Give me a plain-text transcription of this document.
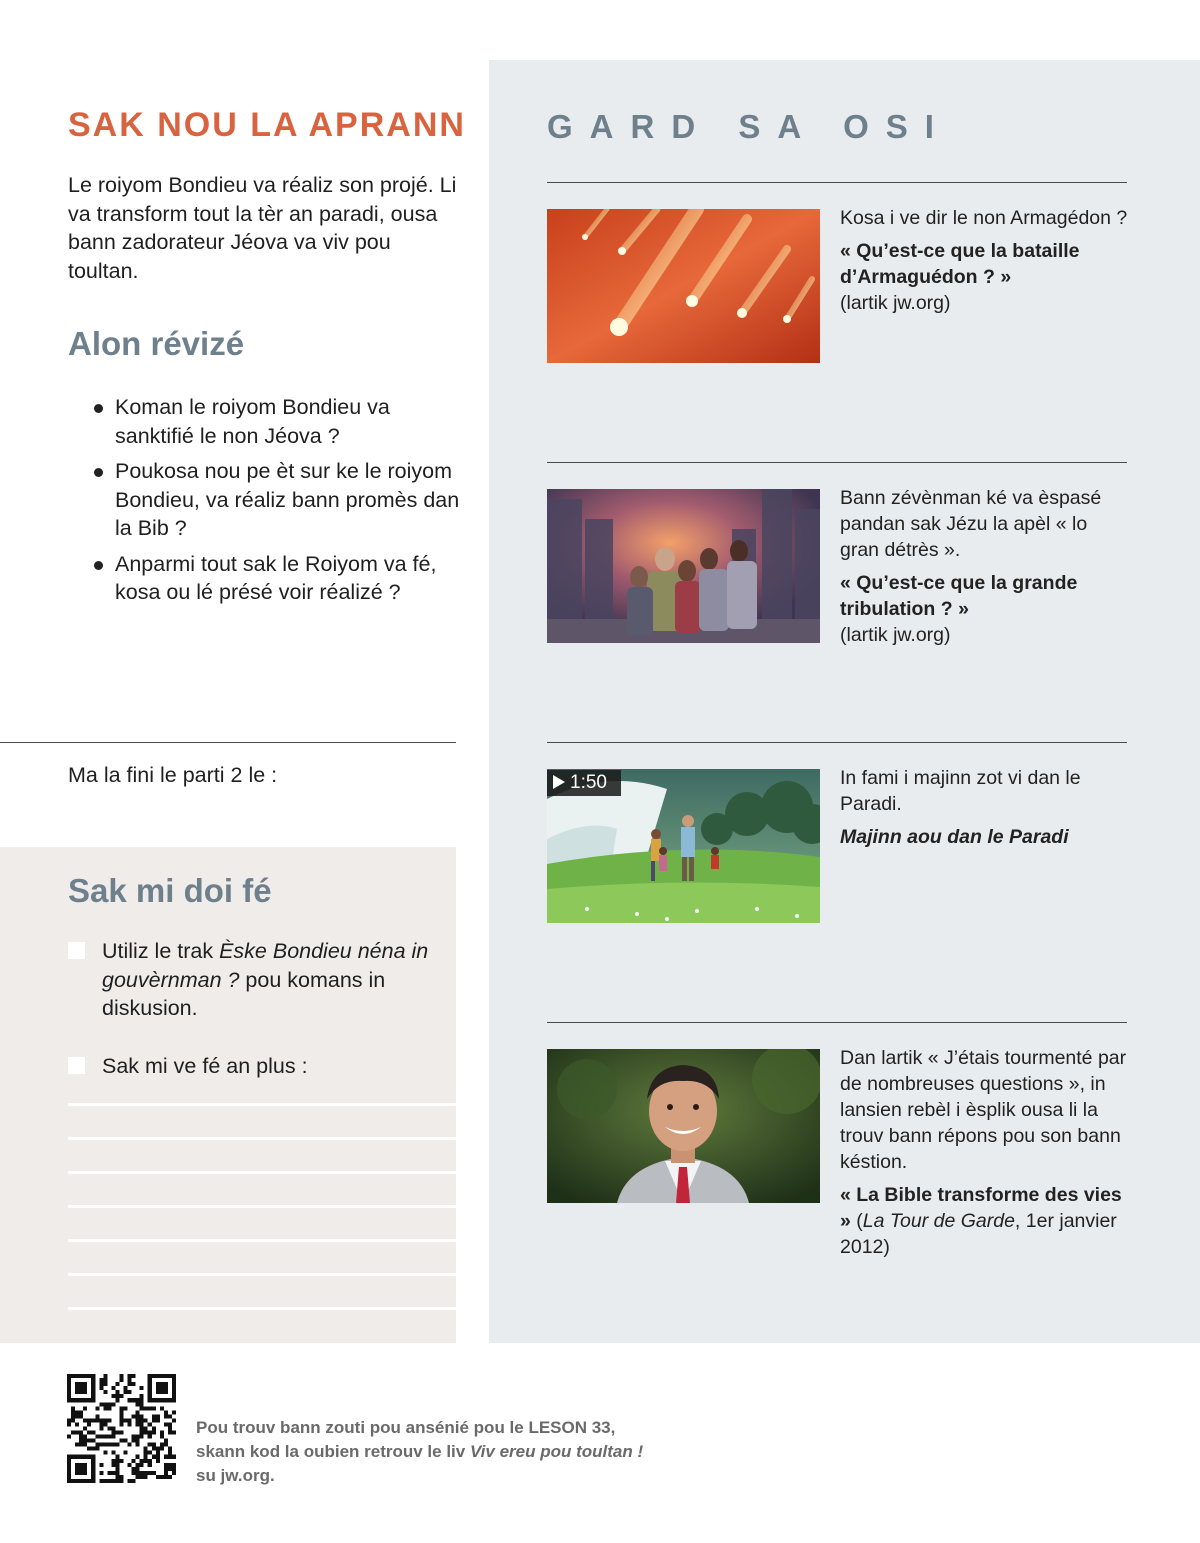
GARD SA OSI
Kosa i ve dir le non Armagédon ?
« Qu’est-ce que la bataille d’Armaguédon ? »
(lartik jw.org)
Bann zévènman ké va èspasé pandan sak Jézu la apèl « lo gran détrès ».
« Qu’est-ce que la grande tribulation ? »
(lartik jw.org)
1:50	In fami i majinn zot vi dan le Paradi.
Majinn aou dan le Paradi
Dan lartik « J’étais tourmenté par de nombreuses questions », in lansien rebèl i èsplik ousa li la trouv bann répons pou son bann késtion.
« La Bible transforme des vies » (La Tour de Garde, 1er janvier 2012)
SAK NOU LA APRANN

Le roiyom Bondieu va réaliz son projé. Li va transform tout la tèr an paradi, ousa bann zadorateur Jéova va viv pou toultan.

Alon révizé
Koman le roiyom Bondieu va sanktifié le non Jéova ?
Poukosa nou pe èt sur ke le roiyom Bondieu, va réaliz bann promès dan la Bib ?
Anparmi tout sak le Roiyom va fé, kosa ou lé présé voir réalizé ?
Ma la fini le parti 2 le :
Sak mi doi fé
Utiliz le trak Èske Bondieu néna in gouvèrnman ? pou komans in diskusion.
Sak mi ve fé an plus :
Pou trouv bann zouti pou ansénié pou le LESON 33,
skann kod la oubien retrouv le liv Viv ereu pou toultan !
su jw.org.
